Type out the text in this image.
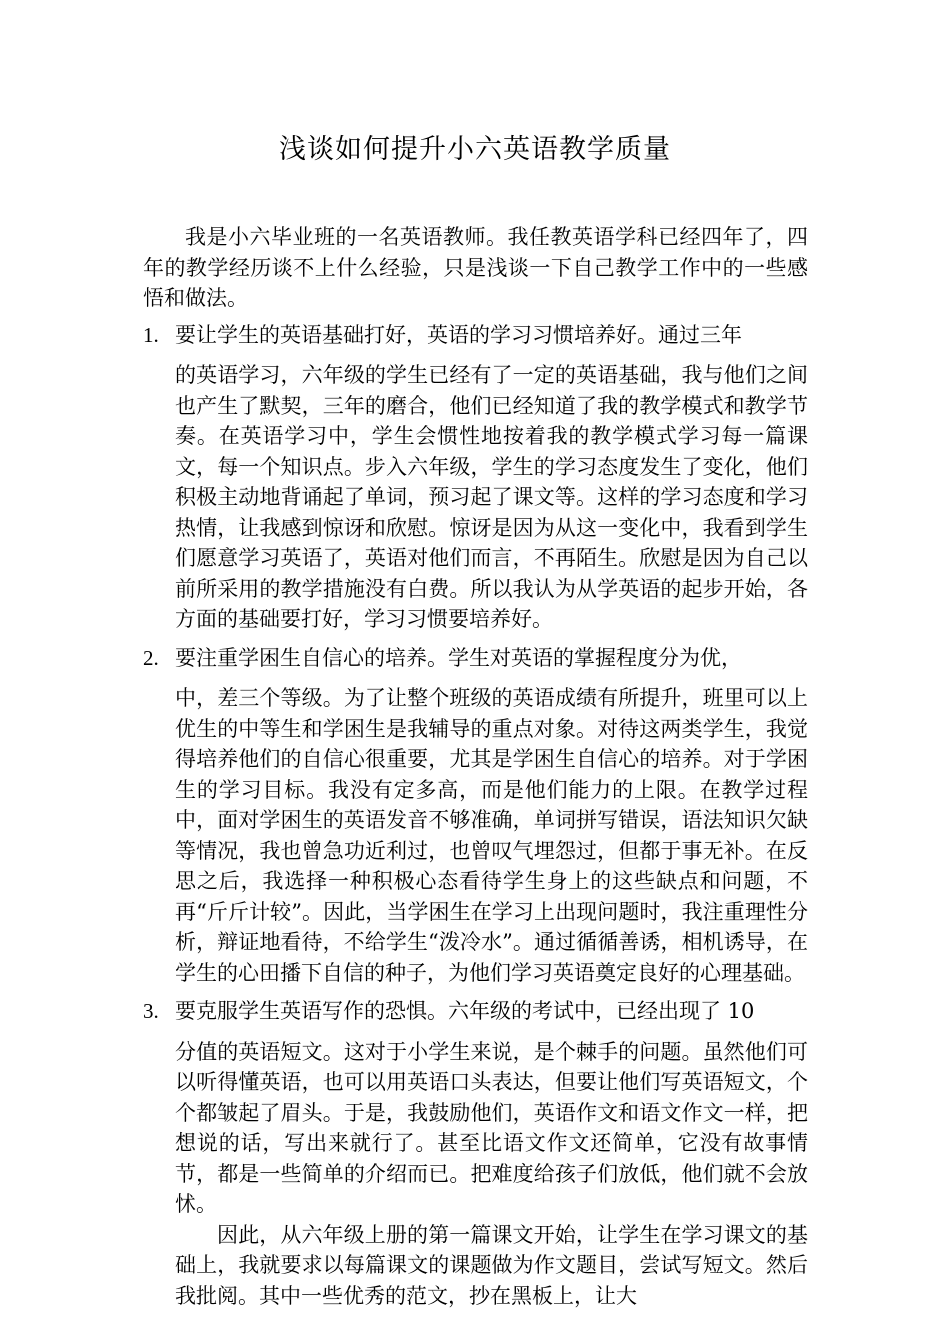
浅谈如何提升小六英语教学质量

我是小六毕业班的一名英语教师。我任教英语学科已经四年了，四年的教学经历谈不上什么经验，只是浅谈一下自己教学工作中的一些感悟和做法。

1. 要让学生的英语基础打好，英语的学习习惯培养好。通过三年
的英语学习，六年级的学生已经有了一定的英语基础，我与他们之间也产生了默契，三年的磨合，他们已经知道了我的教学模式和教学节奏。在英语学习中，学生会惯性地按着我的教学模式学习每一篇课文，每一个知识点。步入六年级，学生的学习态度发生了变化，他们积极主动地背诵起了单词，预习起了课文等。这样的学习态度和学习热情，让我感到惊讶和欣慰。惊讶是因为从这一变化中，我看到学生们愿意学习英语了，英语对他们而言，不再陌生。欣慰是因为自己以前所采用的教学措施没有白费。所以我认为从学英语的起步开始，各方面的基础要打好，学习习惯要培养好。
2. 要注重学困生自信心的培养。学生对英语的掌握程度分为优，
中，差三个等级。为了让整个班级的英语成绩有所提升，班里可以上优生的中等生和学困生是我辅导的重点对象。对待这两类学生，我觉得培养他们的自信心很重要，尤其是学困生自信心的培养。对于学困生的学习目标。我没有定多高，而是他们能力的上限。在教学过程中，面对学困生的英语发音不够准确，单词拼写错误，语法知识欠缺等情况，我也曾急功近利过，也曾叹气埋怨过，但都于事无补。在反思之后，我选择一种积极心态看待学生身上的这些缺点和问题，不再“斤斤计较”。因此，当学困生在学习上出现问题时，我注重理性分析，辩证地看待，不给学生“泼冷水”。通过循循善诱，相机诱导，在学生的心田播下自信的种子，为他们学习英语奠定良好的心理基础。
3. 要克服学生英语写作的恐惧。六年级的考试中，已经出现了 10
分值的英语短文。这对于小学生来说，是个棘手的问题。虽然他们可以听得懂英语，也可以用英语口头表达，但要让他们写英语短文，个个都皱起了眉头。于是，我鼓励他们，英语作文和语文作文一样，把想说的话，写出来就行了。甚至比语文作文还简单，它没有故事情节，都是一些简单的介绍而已。把难度给孩子们放低，他们就不会放怵。

因此，从六年级上册的第一篇课文开始，让学生在学习课文的基础上，我就要求以每篇课文的课题做为作文题目，尝试写短文。然后我批阅。其中一些优秀的范文，抄在黑板上，让大
